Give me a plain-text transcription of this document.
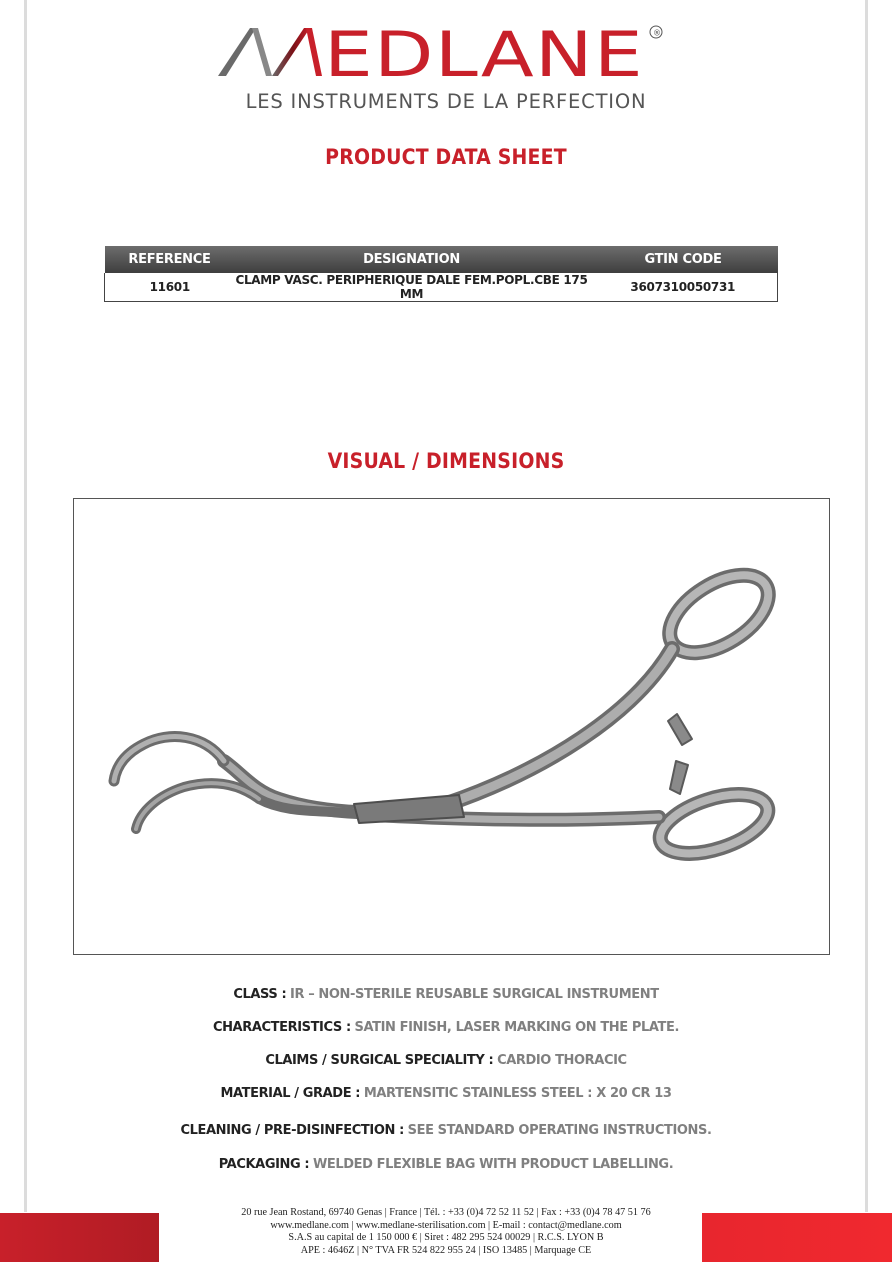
EDLANE ®
LES INSTRUMENTS DE LA PERFECTION
PRODUCT DATA SHEET
REFERENCE	DESIGNATION	GTIN CODE
11601	CLAMP VASC. PERIPHERIQUE DALE FEM.POPL.CBE 175 MM	3607310050731
VISUAL / DIMENSIONS
CLASS : IR – NON-STERILE REUSABLE SURGICAL INSTRUMENT
CHARACTERISTICS : SATIN FINISH, LASER MARKING ON THE PLATE.
CLAIMS / SURGICAL SPECIALITY : CARDIO THORACIC
MATERIAL / GRADE : MARTENSITIC STAINLESS STEEL : X 20 CR 13
CLEANING / PRE-DISINFECTION : SEE STANDARD OPERATING INSTRUCTIONS.
PACKAGING : WELDED FLEXIBLE BAG WITH PRODUCT LABELLING.
20 rue Jean Rostand, 69740 Genas | France | Tél. : +33 (0)4 72 52 11 52 | Fax : +33 (0)4 78 47 51 76
www.medlane.com | www.medlane-sterilisation.com | E-mail : contact@medlane.com
S.A.S au capital de 1 150 000 € | Siret : 482 295 524 00029 | R.C.S. LYON B
APE : 4646Z | N° TVA FR 524 822 955 24 | ISO 13485 | Marquage CE
